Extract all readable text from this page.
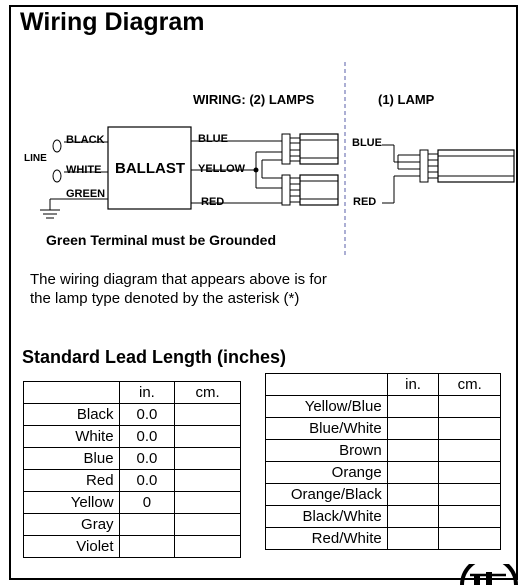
Wiring Diagram
WIRING: (2) LAMPS	(1) LAMP
LINE
BLACK
WHITE
GREEN
BALLAST
BLUE
YELLOW
RED
BLUE
RED
Green Terminal must be Grounded
The wiring diagram that appears above is for
the lamp type denoted by the asterisk (*)
Standard Lead Length (inches)
	in.	cm.
Black	0.0	
White	0.0	
Blue	0.0	
Red	0.0	
Yellow	0	
Gray		
Violet		
	in.	cm.
Yellow/Blue		
Blue/White		
Brown		
Orange		
Orange/Black		
Black/White		
Red/White		
